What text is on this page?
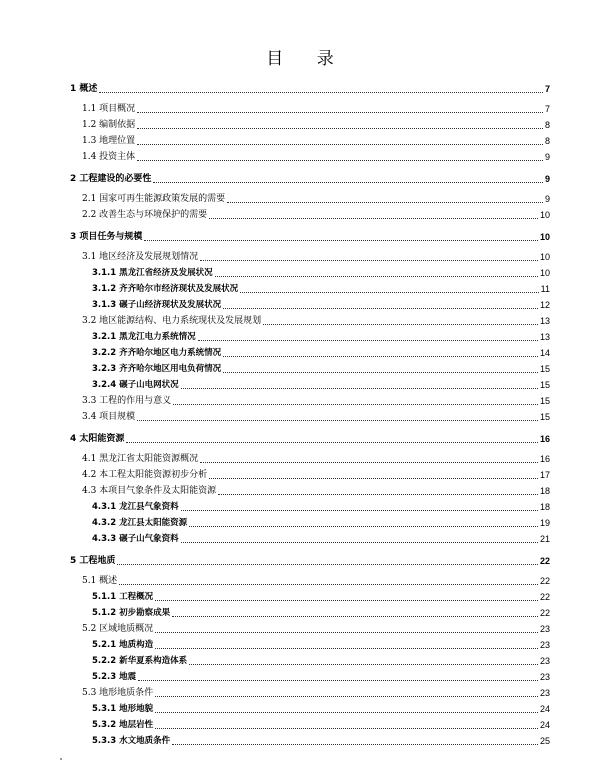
目 录
1 概述	7
1.1 项目概况	7
1.2 编制依据	8
1.3 地理位置	8
1.4 投资主体	9
2 工程建设的必要性	9
2.1 国家可再生能源政策发展的需要	9
2.2 改善生态与环境保护的需要	10
3 项目任务与规模	10
3.1 地区经济及发展规划情况	10
3.1.1 黑龙江省经济及发展状况	10
3.1.2 齐齐哈尔市经济现状及发展状况	11
3.1.3 碾子山经济现状及发展状况	12
3.2 地区能源结构、电力系统现状及发展规划	13
3.2.1 黑龙江电力系统情况	13
3.2.2 齐齐哈尔地区电力系统情况	14
3.2.3 齐齐哈尔地区用电负荷情况	15
3.2.4 碾子山电网状况	15
3.3 工程的作用与意义	15
3.4 项目规模	15
4 太阳能资源	16
4.1 黑龙江省太阳能资源概况	16
4.2 本工程太阳能资源初步分析	17
4.3 本项目气象条件及太阳能资源	18
4.3.1 龙江县气象资料	18
4.3.2 龙江县太阳能资源	19
4.3.3 碾子山气象资料	21
5 工程地质	22
5.1 概述	22
5.1.1 工程概况	22
5.1.2 初步勘察成果	22
5.2 区域地质概况	23
5.2.1 地质构造	23
5.2.2 新华夏系构造体系	23
5.2.3 地震	23
5.3 地形地质条件	23
5.3.1 地形地貌	24
5.3.2 地层岩性	24
5.3.3 水文地质条件	25
